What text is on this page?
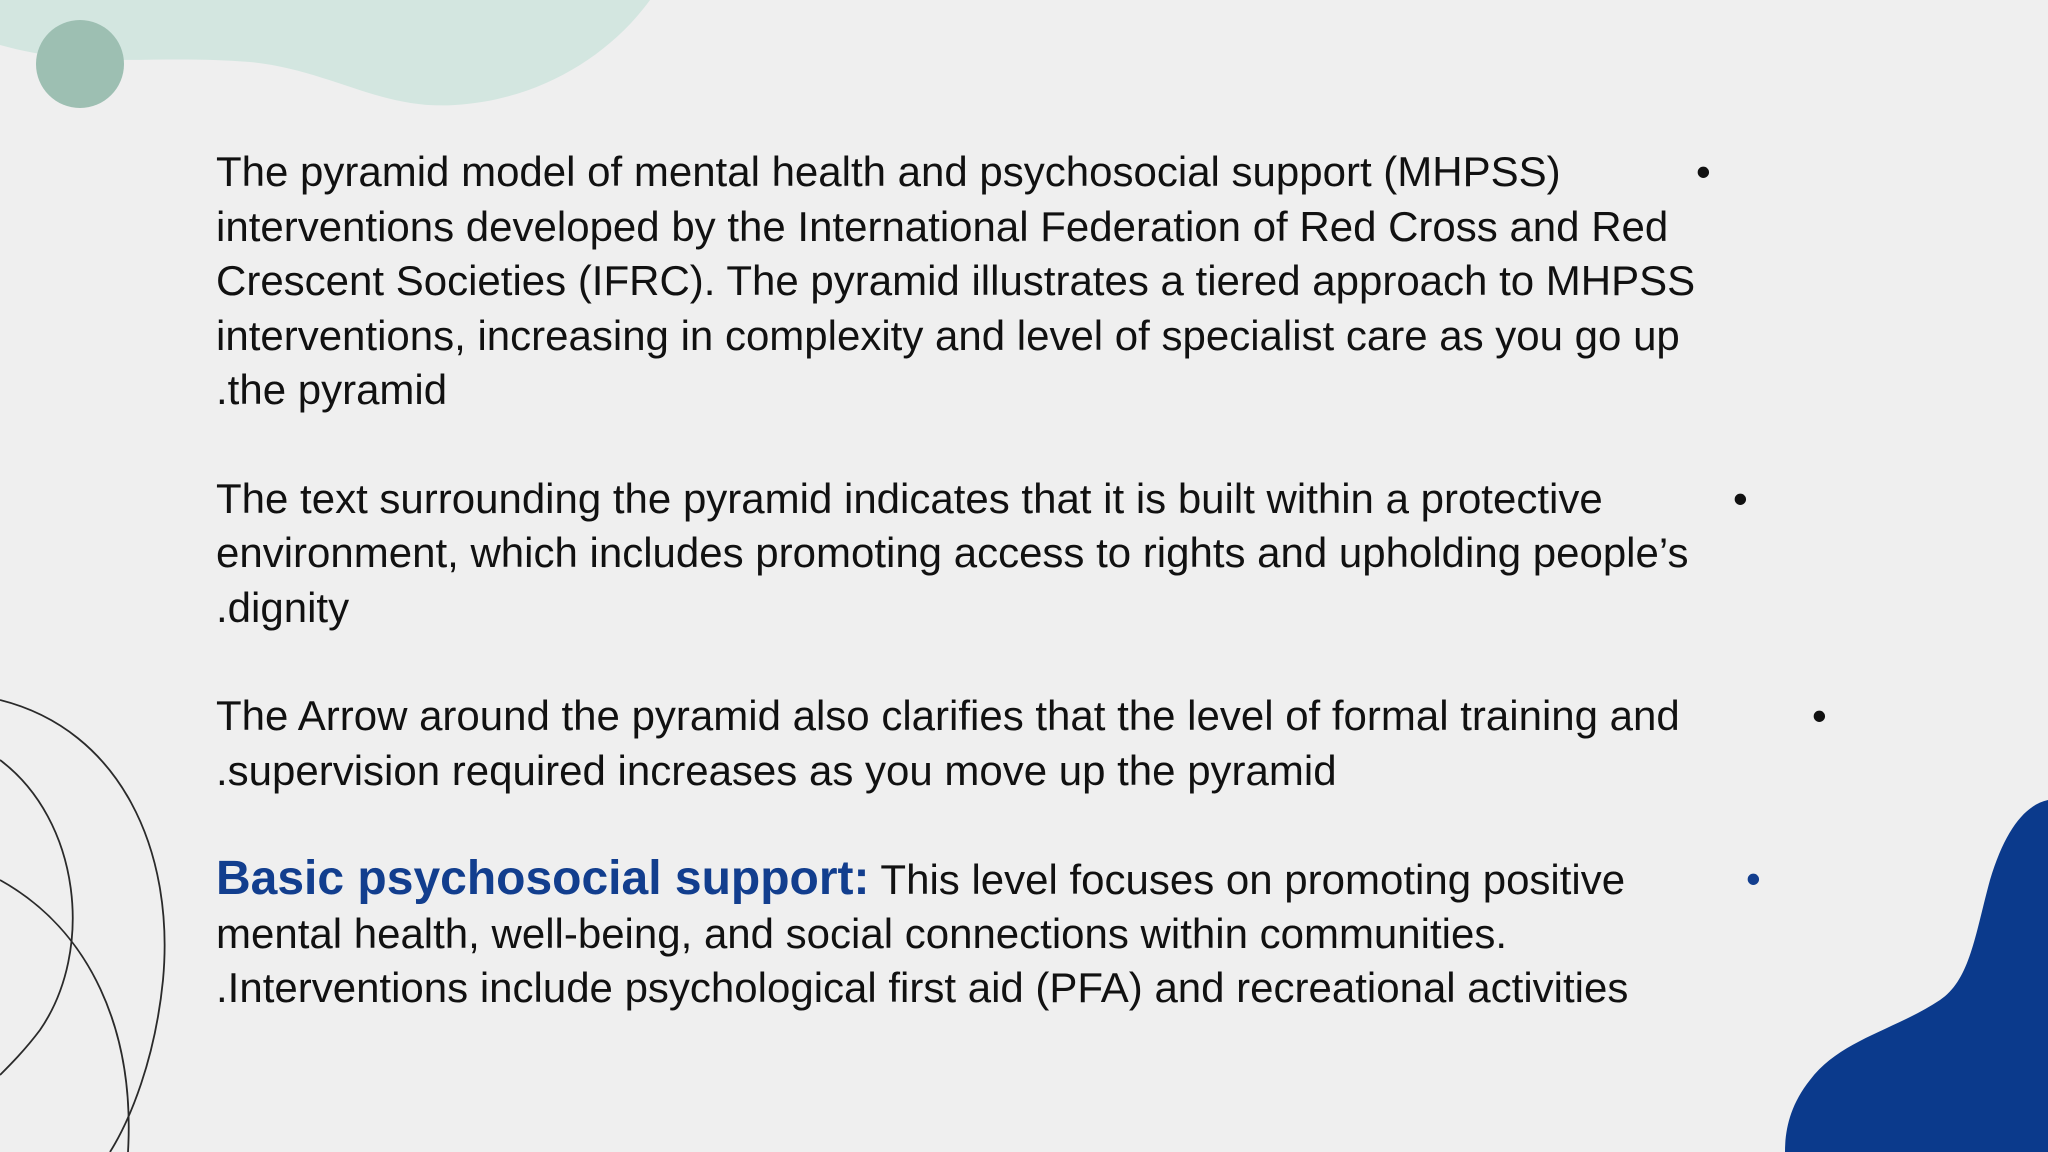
The pyramid model of mental health and psychosocial support (MHPSS)	•
interventions developed by the International Federation of Red Cross and Red
Crescent Societies (IFRC). The pyramid illustrates a tiered approach to MHPSS
interventions, increasing in complexity and level of specialist care as you go up
.the pyramid
The text surrounding the pyramid indicates that it is built within a protective	•
environment, which includes promoting access to rights and upholding people’s
.dignity
The Arrow around the pyramid also clarifies that the level of formal training and	•
.supervision required increases as you move up the pyramid
Basic psychosocial support: This level focuses on promoting positive	•
mental health, well-being, and social connections within communities.
.Interventions include psychological first aid (PFA) and recreational activities
